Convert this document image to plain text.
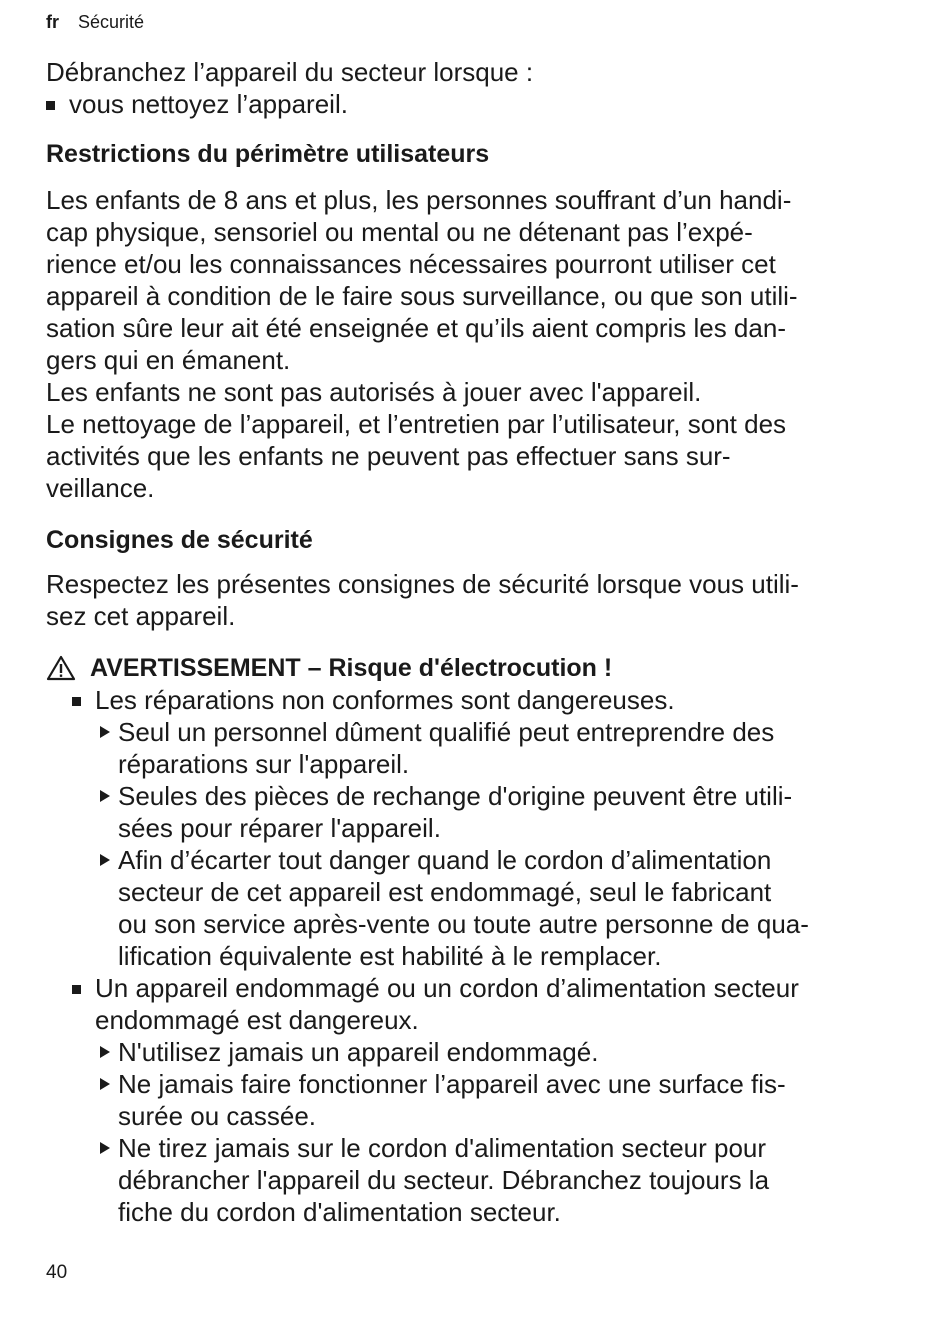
fr Sécurité

Débranchez l’appareil du secteur lorsque :

vous nettoyez l’appareil.

Restrictions du périmètre utilisateurs

Les enfants de 8 ans et plus, les personnes souffrant d’un handi-
cap physique, sensoriel ou mental ou ne détenant pas l’expé-
rience et/ou les connaissances nécessaires pourront utiliser cet
appareil à condition de le faire sous surveillance, ou que son utili-
sation sûre leur ait été enseignée et qu’ils aient compris les dan-
gers qui en émanent.
Les enfants ne sont pas autorisés à jouer avec l'appareil.
Le nettoyage de l’appareil, et l’entretien par l’utilisateur, sont des
activités que les enfants ne peuvent pas effectuer sans sur-
veillance.

Consignes de sécurité

Respectez les présentes consignes de sécurité lorsque vous utili-
sez cet appareil.
AVERTISSEMENT – Risque d'électrocution !
Les réparations non conformes sont dangereuses.
Seul un personnel dûment qualifié peut entreprendre des
réparations sur l'appareil.
Seules des pièces de rechange d'origine peuvent être utili-
sées pour réparer l'appareil.
Afin d’écarter tout danger quand le cordon d’alimentation
secteur de cet appareil est endommagé, seul le fabricant
ou son service après-vente ou toute autre personne de qua-
lification équivalente est habilité à le remplacer.
Un appareil endommagé ou un cordon d’alimentation secteur
endommagé est dangereux.
N'utilisez jamais un appareil endommagé.
Ne jamais faire fonctionner l’appareil avec une surface fis-
surée ou cassée.
Ne tirez jamais sur le cordon d'alimentation secteur pour
débrancher l'appareil du secteur. Débranchez toujours la
fiche du cordon d'alimentation secteur.
40
